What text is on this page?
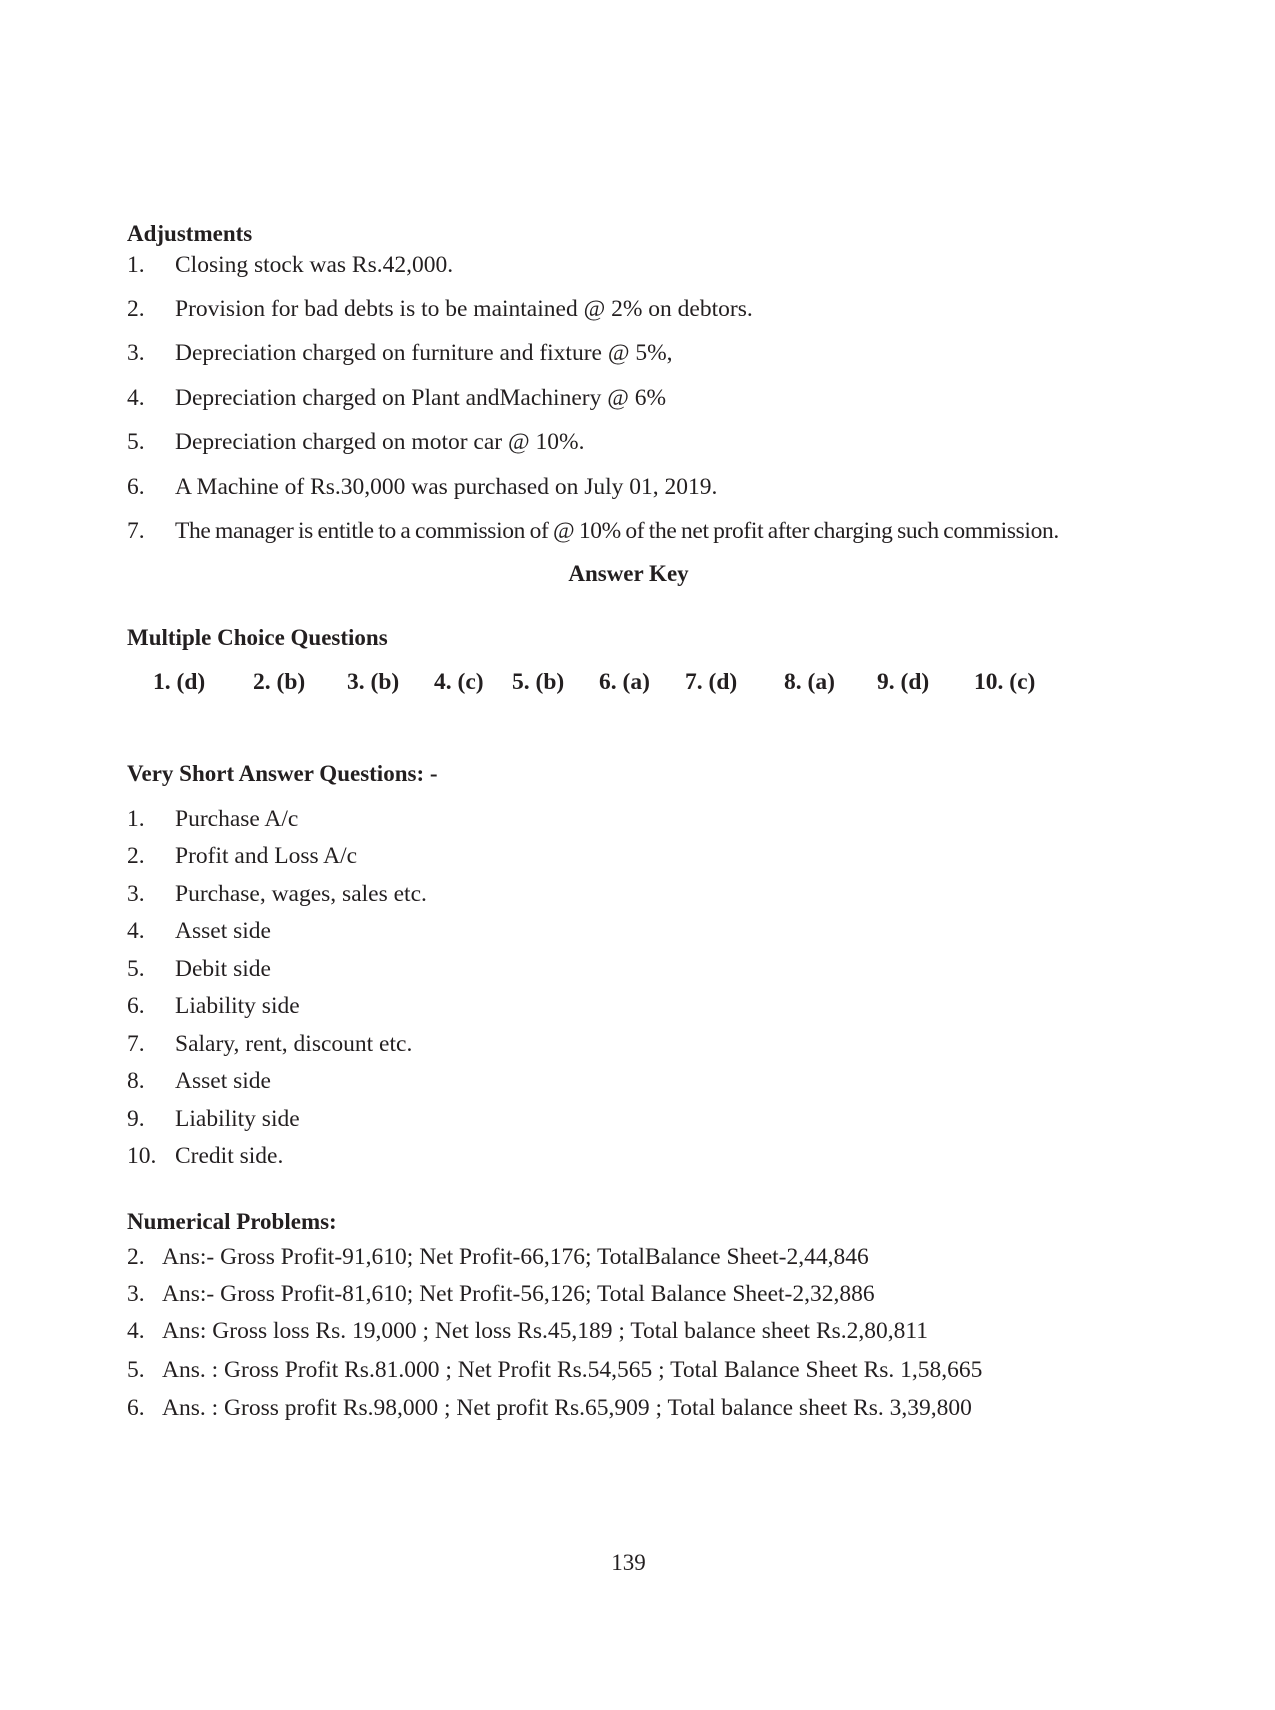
Adjustments
1. Closing stock was Rs.42,000.
2. Provision for bad debts is to be maintained @ 2% on debtors.
3. Depreciation charged on furniture and fixture @ 5%,
4. Depreciation charged on Plant andMachinery @ 6%
5. Depreciation charged on motor car @ 10%.
6. A Machine of Rs.30,000 was purchased on July 01, 2019.
7. The manager is entitle to a commission of @ 10% of the net profit after charging such commission.
Answer Key
Multiple Choice Questions
1. (d) 2. (b) 3. (b) 4. (c) 5. (b) 6. (a) 7. (d) 8. (a) 9. (d) 10. (c)
Very Short Answer Questions: -
1. Purchase A/c
2. Profit and Loss A/c
3. Purchase, wages, sales etc.
4. Asset side
5. Debit side
6. Liability side
7. Salary, rent, discount etc.
8. Asset side
9. Liability side
10. Credit side.
Numerical Problems:
2. Ans:- Gross Profit-91,610; Net Profit-66,176; TotalBalance Sheet-2,44,846
3. Ans:- Gross Profit-81,610; Net Profit-56,126; Total Balance Sheet-2,32,886
4. Ans: Gross loss Rs. 19,000 ; Net loss Rs.45,189 ; Total balance sheet Rs.2,80,811
5. Ans. : Gross Profit Rs.81.000 ; Net Profit Rs.54,565 ; Total Balance Sheet Rs. 1,58,665
6. Ans. : Gross profit Rs.98,000 ; Net profit Rs.65,909 ; Total balance sheet Rs. 3,39,800
139
